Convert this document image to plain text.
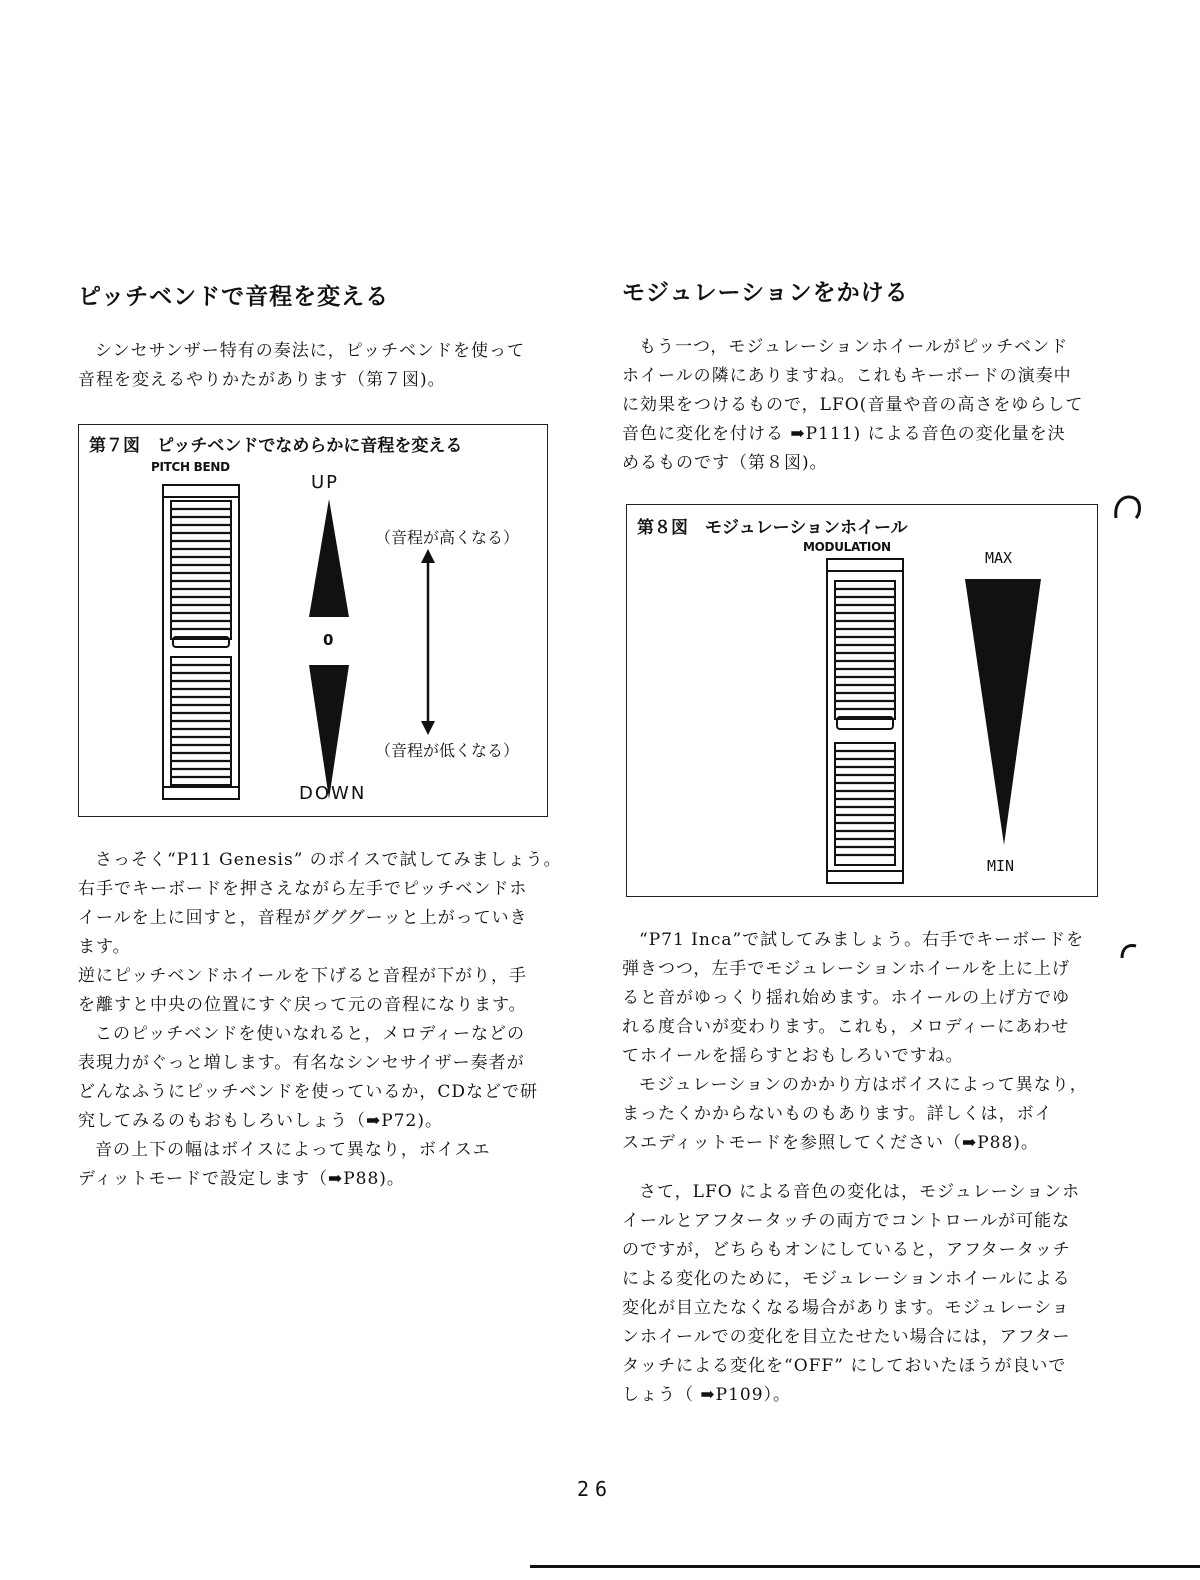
ピッチベンドで音程を変える

シンセサンザー特有の奏法に，ピッチベンドを使って

音程を変えるやりかたがあります（第７図)。

第７図　ピッチベンドでなめらかに音程を変える
PITCH BEND
UP
0
DOWN
（音程が高くなる）
（音程が低くなる）

さっそく“P11 Genesis” のボイスで試してみましょう。

右手でキーボードを押さえながら左手でピッチベンドホ

イールを上に回すと，音程がグググーッと上がっていき

ます。

逆にピッチベンドホイールを下げると音程が下がり，手

を離すと中央の位置にすぐ戻って元の音程になります。

このピッチベンドを使いなれると，メロディーなどの

表現力がぐっと増します。有名なシンセサイザー奏者が

どんなふうにピッチベンドを使っているか，CDなどで研

究してみるのもおもしろいしょう（➡P72)。

音の上下の幅はボイスによって異なり，ボイスエ

ディットモードで設定します（➡P88)。

モジュレーションをかける

もう一つ，モジュレーションホイールがピッチベンド

ホイールの隣にありますね。これもキーボードの演奏中

に効果をつけるもので，LFO(音量や音の高さをゆらして

音色に変化を付ける ➡P111) による音色の変化量を決

めるものです（第８図)。

第８図　モジュレーションホイール
MODULATION
MAX
MIN

“P71 Inca”で試してみましょう。右手でキーボードを

弾きつつ，左手でモジュレーションホイールを上に上げ

ると音がゆっくり揺れ始めます。ホイールの上げ方でゆ

れる度合いが変わります。これも，メロディーにあわせ

てホイールを揺らすとおもしろいですね。

モジュレーションのかかり方はボイスによって異なり，

まったくかからないものもあります。詳しくは，ボイ

スエディットモードを参照してください（➡P88)。

さて，LFO による音色の変化は，モジュレーションホ

イールとアフタータッチの両方でコントロールが可能な

のですが，どちらもオンにしていると，アフタータッチ

による変化のために，モジュレーションホイールによる

変化が目立たなくなる場合があります。モジュレーショ

ンホイールでの変化を目立たせたい場合には，アフター

タッチによる変化を“OFF” にしておいたほうが良いで

しょう（ ➡P109）。

26
